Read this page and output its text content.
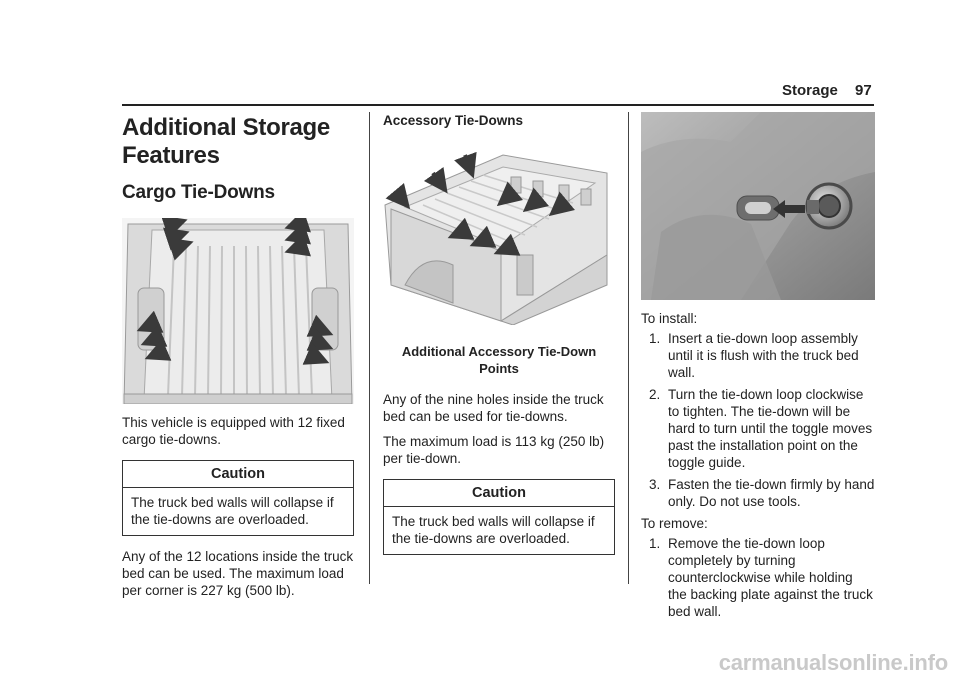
Storage 97
Additional Storage Features
Cargo Tie-Downs

This vehicle is equipped with 12 fixed cargo tie-downs.

Caution
The truck bed walls will collapse if the tie-downs are overloaded.

Any of the 12 locations inside the truck bed can be used. The maximum load per corner is 227 kg (500 lb).

Accessory Tie-Downs
Additional Accessory Tie-Down Points

Any of the nine holes inside the truck bed can be used for tie-downs.

The maximum load is 113 kg (250 lb) per tie-down.

Caution
The truck bed walls will collapse if the tie-downs are overloaded.

To install:

1. Insert a tie-down loop assembly until it is flush with the truck bed wall.
2. Turn the tie-down loop clockwise to tighten. The tie-down will be hard to turn until the toggle moves past the installation point on the toggle guide.
3. Fasten the tie-down firmly by hand only. Do not use tools.

To remove:

1. Remove the tie-down loop completely by turning counterclockwise while holding the backing plate against the truck bed wall.
carmanualsonline.info
